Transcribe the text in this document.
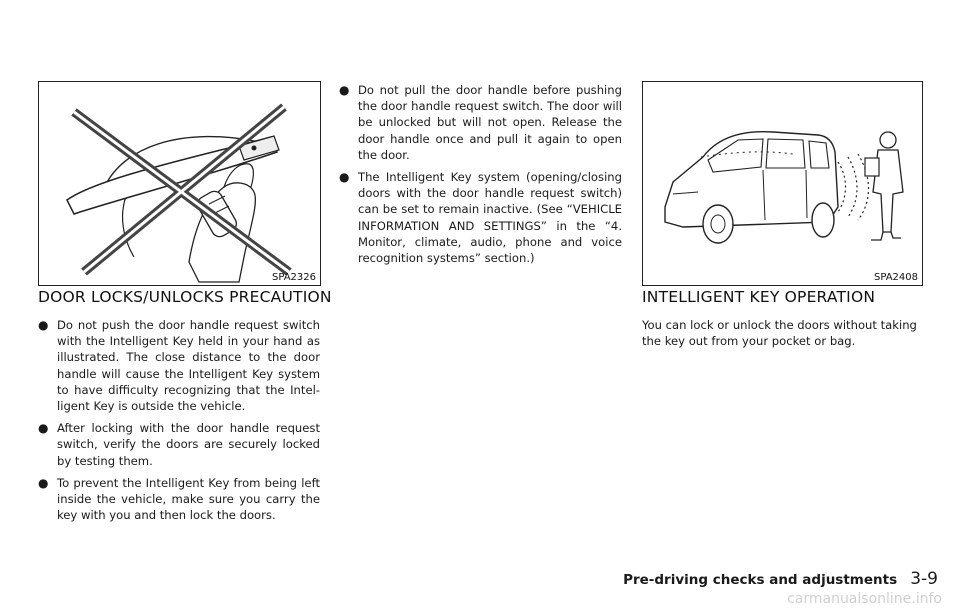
SPA2326
DOOR LOCKS/UNLOCKS PRECAUTION
● Do not push the door handle request switch with the Intelligent Key held in your hand as illustrated. The close distance to the door handle will cause the Intelligent Key system to have difficulty recognizing that the Intel-ligent Key is outside the vehicle.
● After locking with the door handle request switch, verify the doors are securely locked by testing them.
● To prevent the Intelligent Key from being left inside the vehicle, make sure you carry the key with you and then lock the doors.
● Do not pull the door handle before pushing the door handle request switch. The door will be unlocked but will not open. Release the door handle once and pull it again to open the door.
● The Intelligent Key system (opening/closing doors with the door handle request switch) can be set to remain inactive. (See “VEHICLE INFORMATION AND SETTINGS” in the “4. Monitor, climate, audio, phone and voice recognition systems” section.)
SPA2408
INTELLIGENT KEY OPERATION

You can lock or unlock the doors without taking the key out from your pocket or bag.

Pre-driving checks and adjustments 3-9
carmanualsonline.info
